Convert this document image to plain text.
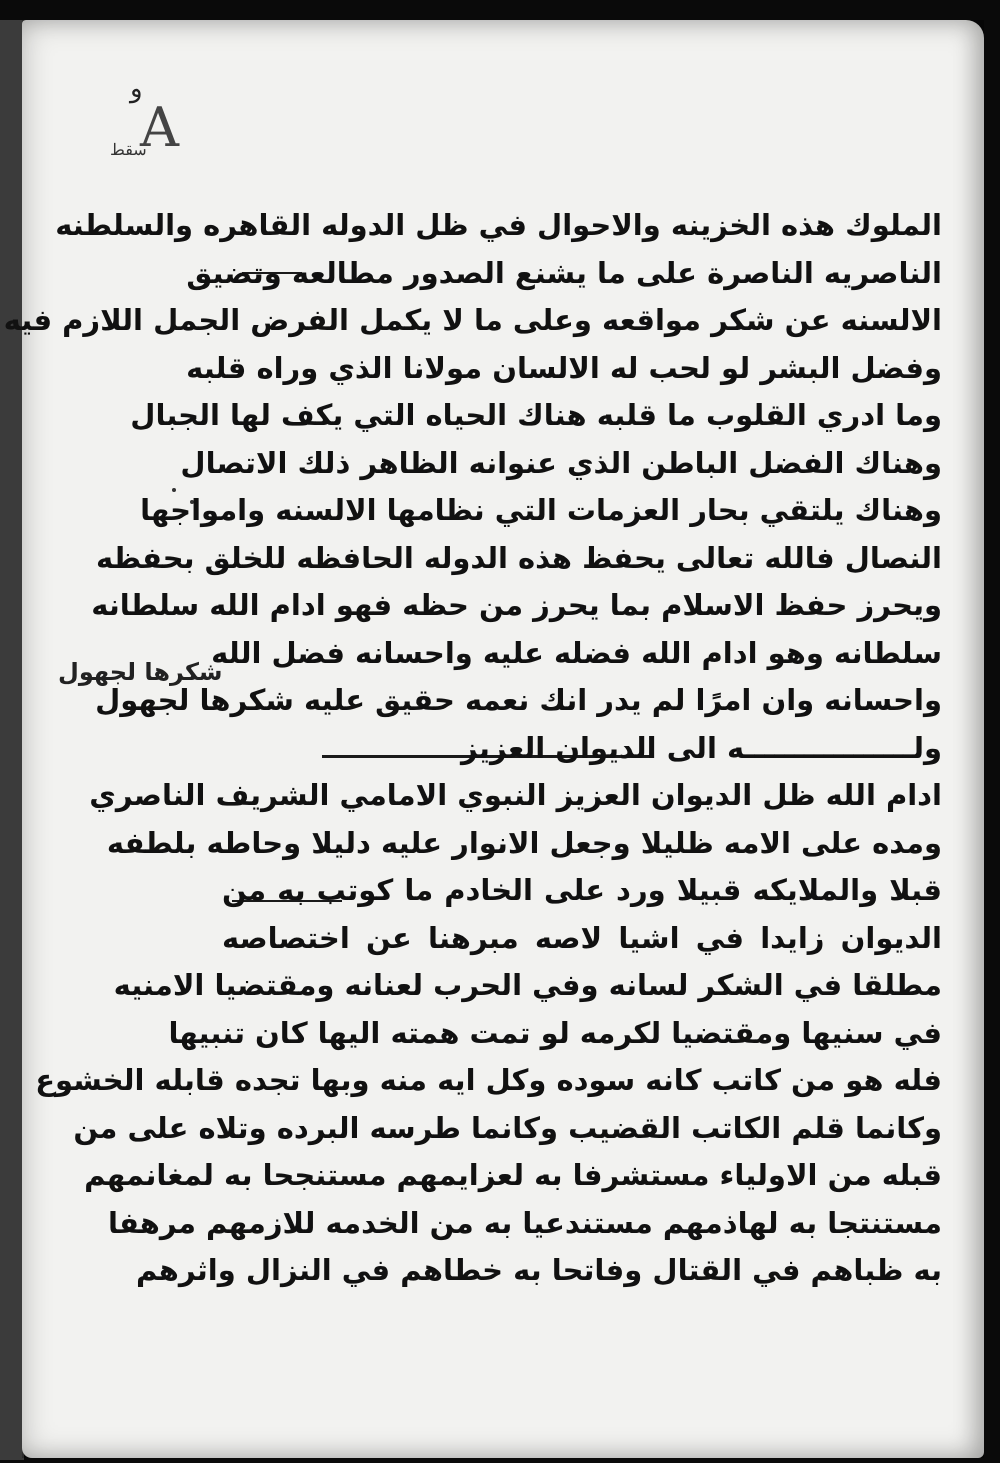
و
A
سقط
شكرها لجهول
الملوك هذه الخزينه والاحوال في ظل الدوله القاهره والسلطنه
الناصريه الناصرة على ما يشنع الصدور مطالعه وتضيق
الالسنه عن شكر مواقعه وعلى ما لا يكمل الفرض الجمل اللازم فيه
وفضل البشر لو لحب له الالسان مولانا الذي وراه قلبه
وما ادري القلوب ما قلبه هناك الحياه التي يكف لها الجبال
وهناك الفضل الباطن الذي عنوانه الظاهر ذلك الاتصال
وهناك يلتقي بحار العزمات التي نظامها الالسنه وامواجها
النصال فالله تعالى يحفظ هذه الدوله الحافظه للخلق بحفظه
ويحرز حفظ الاسلام بما يحرز من حظه فهو ادام الله سلطانه
سلطانه وهو ادام الله فضله عليه واحسانه فضل الله
واحسانه وان امرًا لم يدر انك نعمه حقيق عليه شكرها لجهول
ولـــــــــــــــــه الى الديوان العزيز
ادام الله ظل الديوان العزيز النبوي الامامي الشريف الناصري
ومده على الامه ظليلا وجعل الانوار عليه دليلا وحاطه بلطفه
قبلا والملايكه قبيلا ورد على الخادم ما كوتب به من
الديوان زايدا في اشيا لاصه مبرهنا عن اختصاصه
مطلقا في الشكر لسانه وفي الحرب لعنانه ومقتضيا الامنيه
في سنيها ومقتضيا لكرمه لو تمت همته اليها كان تنبيها
فله هو من كاتب كانه سوده وكل ايه منه وبها تجده قابله الخشوع
وكانما قلم الكاتب القضيب وكانما طرسه البرده وتلاه على من
قبله من الاولياء مستشرفا به لعزايمهم مستنجحا به لمغانمهم
مستنتجا به لهاذمهم مستندعيا به من الخدمه للازمهم مرهفا
به ظباهم في القتال وفاتحا به خطاهم في النزال واثرهم
